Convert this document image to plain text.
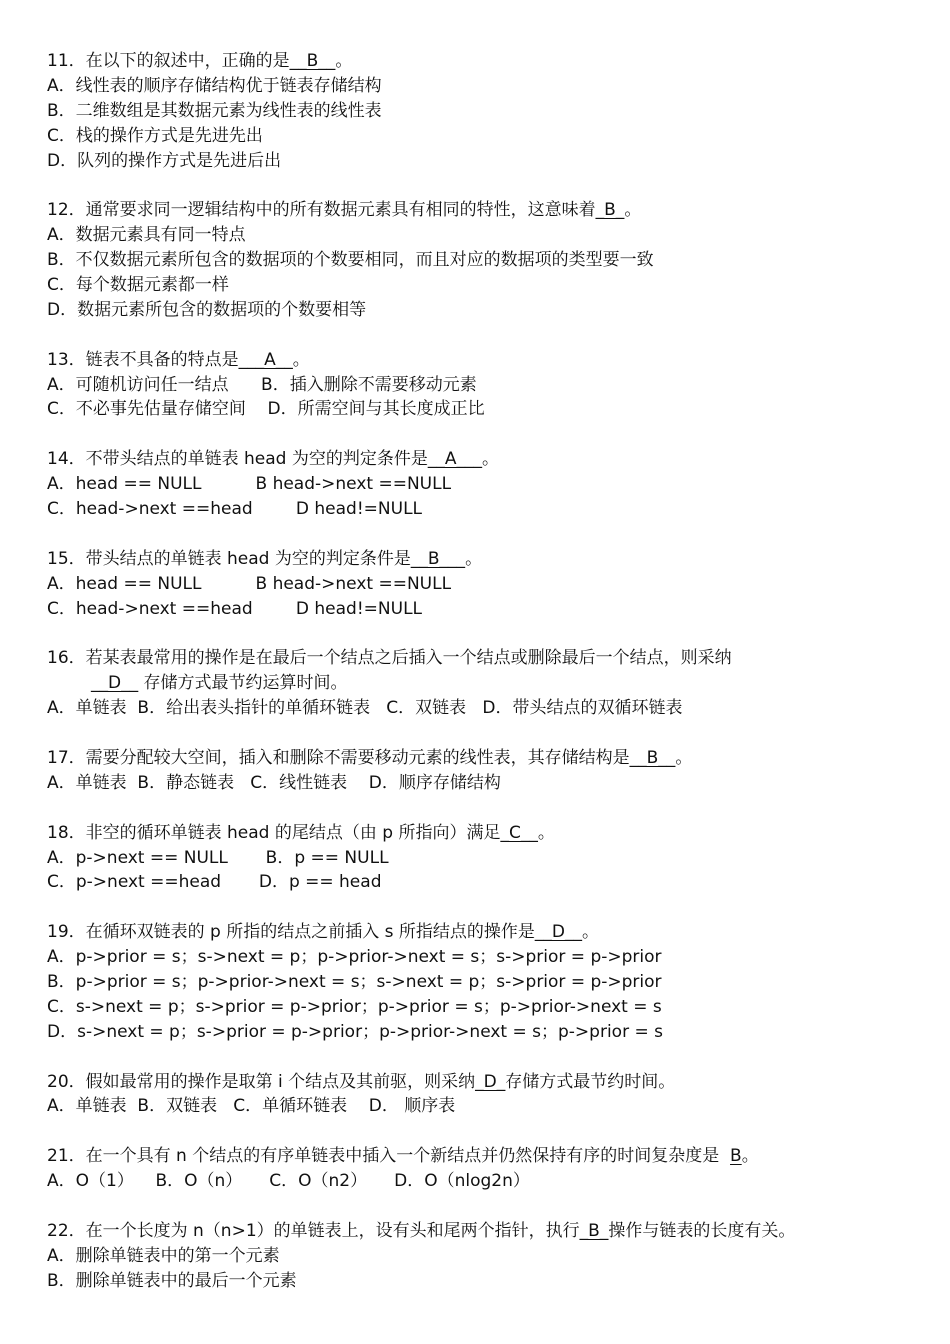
11．在以下的叙述中，正确的是__B__。
A．线性表的顺序存储结构优于链表存储结构
B．二维数组是其数据元素为线性表的线性表
C．栈的操作方式是先进先出
D．队列的操作方式是先进后出
12．通常要求同一逻辑结构中的所有数据元素具有相同的特性，这意味着_B_。
A．数据元素具有同一特点
B．不仅数据元素所包含的数据项的个数要相同，而且对应的数据项的类型要一致
C．每个数据元素都一样
D．数据元素所包含的数据项的个数要相等
13．链表不具备的特点是___A__。
A．可随机访问任一结点      B．插入删除不需要移动元素
C．不必事先估量存储空间    D．所需空间与其长度成正比
14．不带头结点的单链表 head 为空的判定条件是__A___。
A．head == NULL          B head->next ==NULL
C．head->next ==head        D head!=NULL
15．带头结点的单链表 head 为空的判定条件是__B___。
A．head == NULL          B head->next ==NULL
C．head->next ==head        D head!=NULL
16．若某表最常用的操作是在最后一个结点之后插入一个结点或删除最后一个结点，则采纳
__D__ 存储方式最节约运算时间。
A．单链表  B．给出表头指针的单循环链表   C．双链表   D．带头结点的双循环链表
17．需要分配较大空间，插入和删除不需要移动元素的线性表，其存储结构是__B__。
A．单链表  B．静态链表   C．线性链表    D．顺序存储结构
18．非空的循环单链表 head 的尾结点（由 p 所指向）满足_C__。
A．p->next == NULL       B．p == NULL
C．p->next ==head       D．p == head
19．在循环双链表的 p 所指的结点之前插入 s 所指结点的操作是__D__。
A．p->prior = s；s->next = p；p->prior->next = s；s->prior = p->prior
B．p->prior = s；p->prior->next = s；s->next = p；s->prior = p->prior
C．s->next = p；s->prior = p->prior；p->prior = s；p->prior->next = s
D．s->next = p；s->prior = p->prior；p->prior->next = s；p->prior = s
20．假如最常用的操作是取第 i 个结点及其前驱，则采纳_D_存储方式最节约时间。
A．单链表  B．双链表   C．单循环链表    D． 顺序表
21．在一个具有 n 个结点的有序单链表中插入一个新结点并仍然保持有序的时间复杂度是  B。
A．O（1）    B．O（n）     C．O（n2）     D．O（nlog2n）
22．在一个长度为 n（n>1）的单链表上，设有头和尾两个指针，执行_B_操作与链表的长度有关。
A．删除单链表中的第一个元素
B．删除单链表中的最后一个元素
